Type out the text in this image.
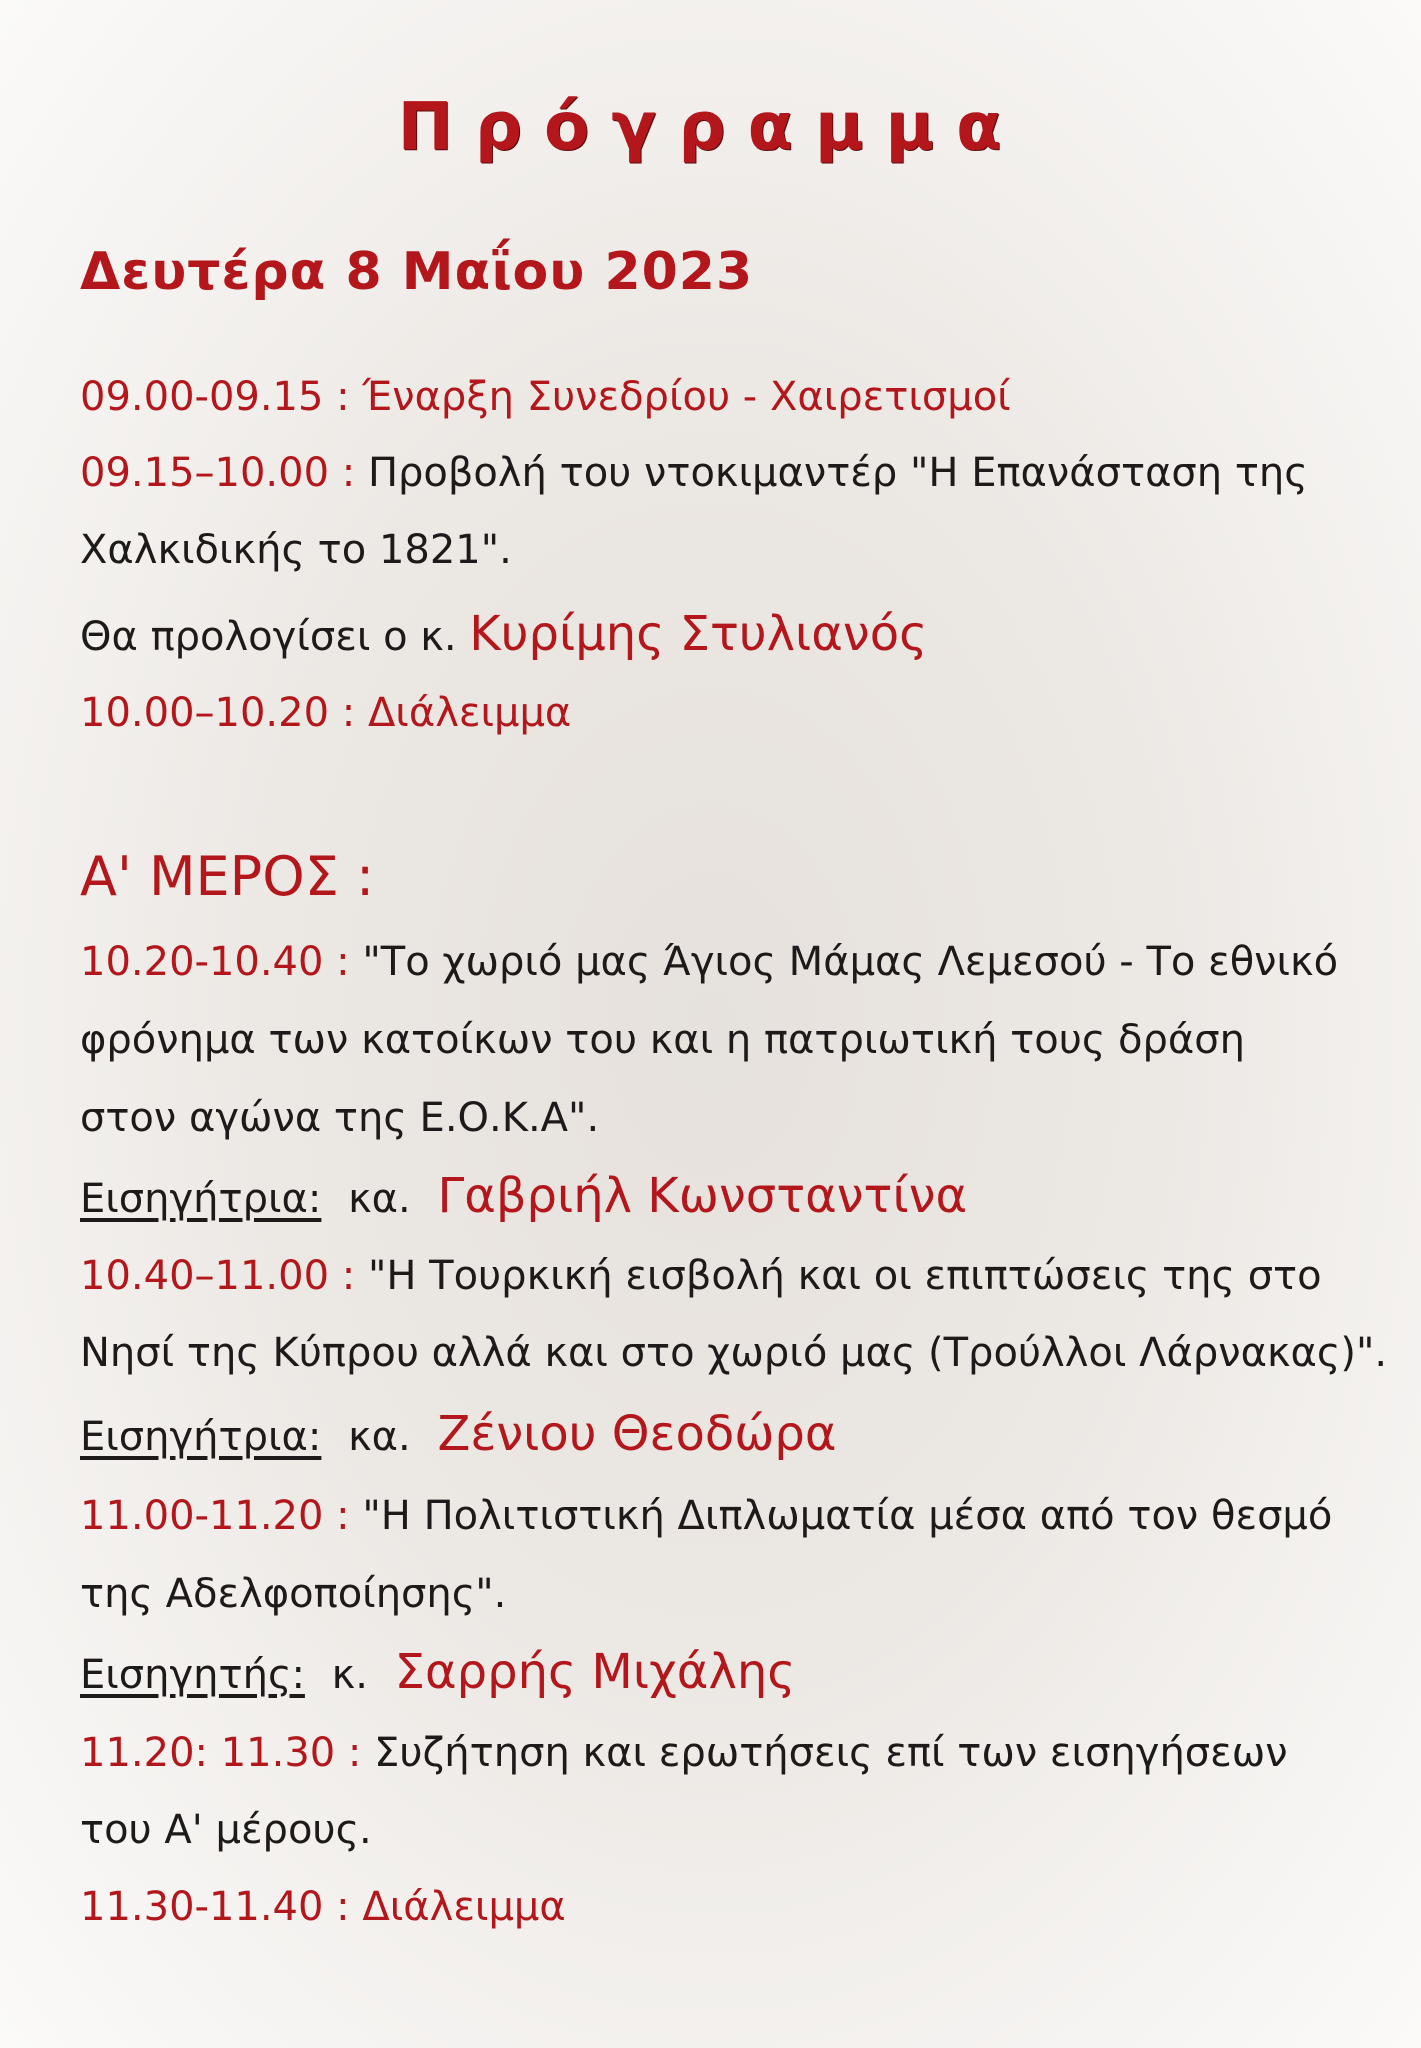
Πρόγραμμα
Δευτέρα 8 Μαΐου 2023
09.00-09.15 : Έναρξη Συνεδρίου - Χαιρετισμοί
09.15–10.00 : Προβολή του ντοκιμαντέρ "Η Επανάσταση της
Χαλκιδικής το 1821".
Θα προλογίσει ο κ. Κυρίμης Στυλιανός
10.00–10.20 : Διάλειμμα
Α' ΜΕΡΟΣ :
10.20-10.40 : "Το χωριό μας Άγιος Μάμας Λεμεσού - Το εθνικό
φρόνημα των κατοίκων του και η πατριωτική τους δράση
στον αγώνα της Ε.Ο.Κ.Α".
Εισηγήτρια: κα. Γαβριήλ Κωνσταντίνα
10.40–11.00 : "Η Τουρκική εισβολή και οι επιπτώσεις της στο
Νησί της Κύπρου αλλά και στο χωριό μας (Τρούλλοι Λάρνακας)".
Εισηγήτρια: κα. Ζένιου Θεοδώρα
11.00-11.20 : "Η Πολιτιστική Διπλωματία μέσα από τον θεσμό
της Αδελφοποίησης".
Εισηγητής: κ. Σαρρής Μιχάλης
11.20: 11.30 : Συζήτηση και ερωτήσεις επί των εισηγήσεων
του Α' μέρους.
11.30-11.40 : Διάλειμμα
